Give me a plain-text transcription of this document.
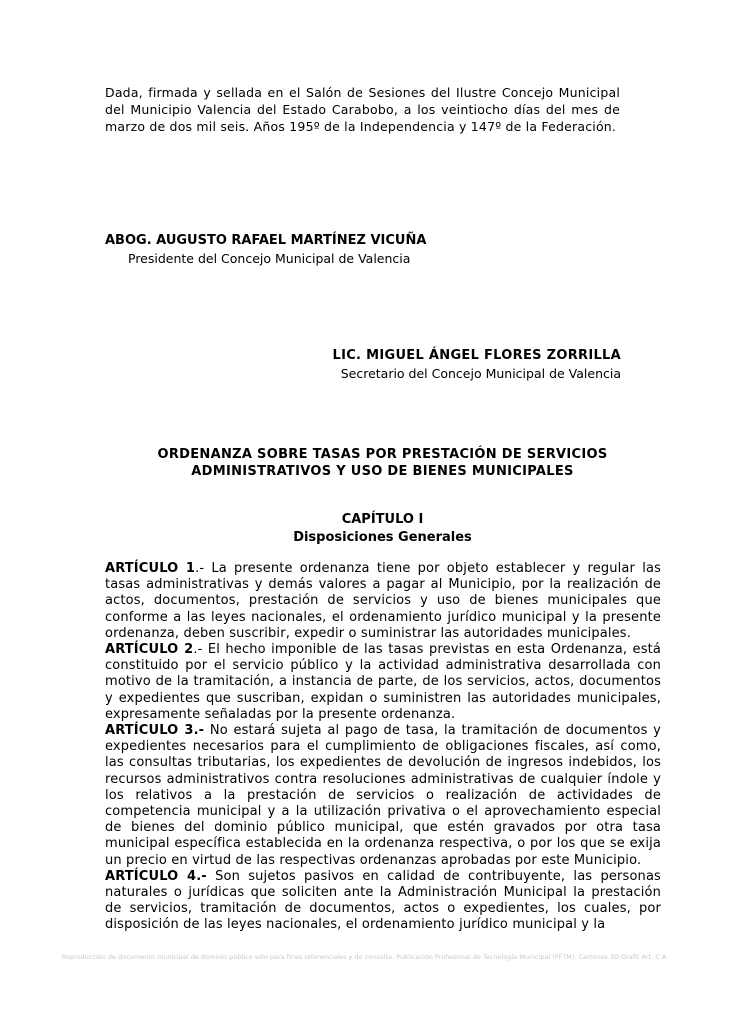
Dada, firmada y sellada en el Salón de Sesiones del Ilustre Concejo Municipal del Municipio Valencia del Estado Carabobo, a los veintiocho días del mes de marzo de dos mil seis. Años 195º de la Independencia y 147º de la Federación.
ABOG. AUGUSTO RAFAEL MARTÍNEZ VICUÑA
Presidente del Concejo Municipal de Valencia
LIC. MIGUEL ÁNGEL FLORES ZORRILLA
Secretario del Concejo Municipal de Valencia
ORDENANZA SOBRE TASAS POR PRESTACIÓN DE SERVICIOS
ADMINISTRATIVOS Y USO DE BIENES MUNICIPALES
CAPÍTULO I
Disposiciones Generales

ARTÍCULO 1.- La presente ordenanza tiene por objeto establecer y regular las tasas administrativas y demás valores a pagar al Municipio, por la realización de actos, documentos, prestación de servicios y uso de bienes municipales que conforme a las leyes nacionales, el ordenamiento jurídico municipal y la presente ordenanza, deben suscribir, expedir o suministrar las autoridades municipales.

ARTÍCULO 2.- El hecho imponible de las tasas previstas en esta Ordenanza, está constituido por el servicio público y la actividad administrativa desarrollada con motivo de la tramitación, a instancia de parte, de los servicios, actos, documentos y expedientes que suscriban, expidan o suministren las autoridades municipales, expresamente señaladas por la presente ordenanza.

ARTÍCULO 3.- No estará sujeta al pago de tasa, la tramitación de documentos y expedientes necesarios para el cumplimiento de obligaciones fiscales, así como, las consultas tributarias, los expedientes de devolución de ingresos indebidos, los recursos administrativos contra resoluciones administrativas de cualquier índole y los relativos a la prestación de servicios o realización de actividades de competencia municipal y a la utilización privativa o el aprovechamiento especial de bienes del dominio público municipal, que estén gravados por otra tasa municipal específica establecida en la ordenanza respectiva, o por los que se exija un precio en virtud de las respectivas ordenanzas aprobadas por este Municipio.

ARTÍCULO 4.- Son sujetos pasivos en calidad de contribuyente, las personas naturales o jurídicas que soliciten ante la Administración Municipal la prestación de servicios, tramitación de documentos, actos o expedientes, los cuales, por disposición de las leyes nacionales, el ordenamiento jurídico municipal y la

Reproducción de documento municipal de dominio público sólo para fines referenciales y de consulta. Publicación Profesional de Tecnología Municipal (PFTM). Cartones 3D Grafit Art, C.A.
